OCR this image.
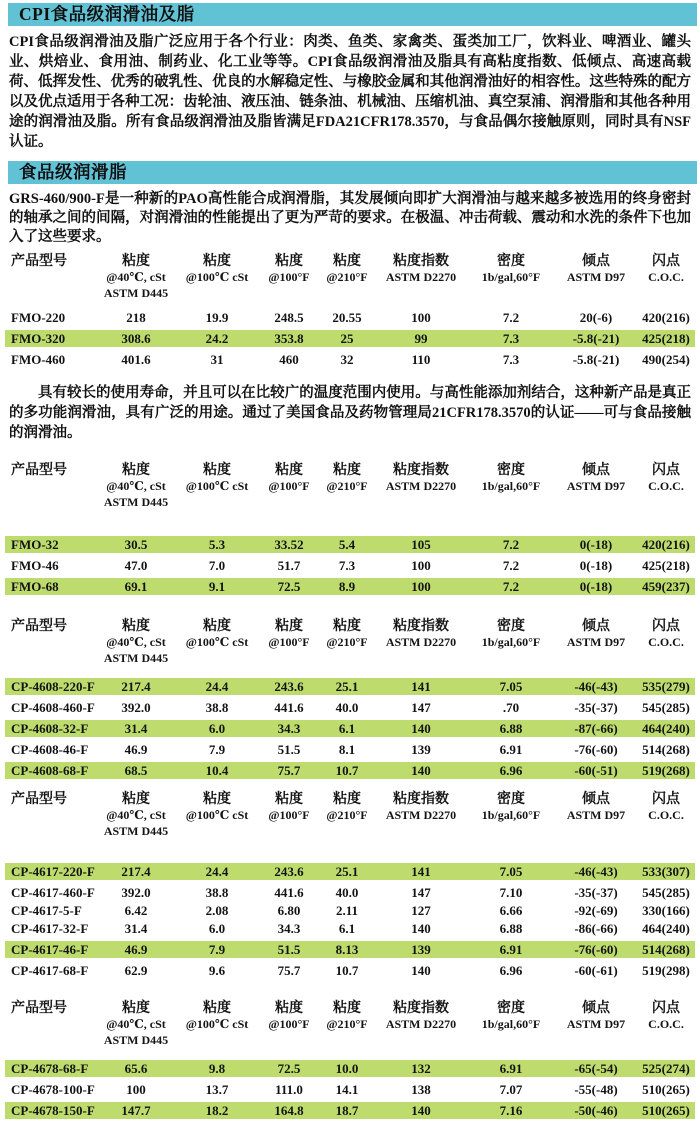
CPI食品级润滑油及脂

CPI食品级润滑油及脂广泛应用于各个行业：肉类、鱼类、家禽类、蛋类加工厂，饮料业、啤酒业、罐头业、烘焙业、食用油、制药业、化工业等等。CPI食品级润滑油及脂具有高粘度指数、低倾点、高速高载荷、低挥发性、优秀的破乳性、优良的水解稳定性、与橡胶金属和其他润滑油好的相容性。这些特殊的配方以及优点适用于各种工况：齿轮油、液压油、链条油、机械油、压缩机油、真空泵浦、润滑脂和其他各种用途的润滑油及脂。所有食品级润滑油及脂皆满足FDA21CFR178.3570，与食品偶尔接触原则，同时具有NSF认证。

食品级润滑脂

GRS-460/900-F是一种新的PAO高性能合成润滑脂，其发展倾向即扩大润滑油与越来越多被选用的终身密封的轴承之间的间隔，对润滑油的性能提出了更为严苛的要求。在极温、冲击荷载、震动和水洗的条件下也加入了这些要求。

产品型号	粘度	粘度	粘度	粘度	粘度指数	密度	倾点	闪点
@40℃, cSt	@100℃ cSt	@100°F	@210°F	ASTM D2270	1b/gal,60°F	ASTM D97	C.O.C.
ASTM D445
FMO-220	218	19.9	248.5	20.55	100	7.2	20(-6)	420(216)
FMO-320	308.6	24.2	353.8	25	99	7.3	-5.8(-21)	425(218)
FMO-460	401.6	31	460	32	110	7.3	-5.8(-21)	490(254)

具有较长的使用寿命，并且可以在比较广的温度范围内使用。与高性能添加剂结合，这种新产品是真正的多功能润滑油，具有广泛的用途。通过了美国食品及药物管理局21CFR178.3570的认证——可与食品接触的润滑油。

产品型号	粘度	粘度	粘度	粘度	粘度指数	密度	倾点	闪点
@40℃, cSt	@100℃ cSt	@100°F	@210°F	ASTM D2270	1b/gal,60°F	ASTM D97	C.O.C.
ASTM D445
FMO-32	30.5	5.3	33.52	5.4	105	7.2	0(-18)	420(216)
FMO-46	47.0	7.0	51.7	7.3	100	7.2	0(-18)	425(218)
FMO-68	69.1	9.1	72.5	8.9	100	7.2	0(-18)	459(237)
产品型号	粘度	粘度	粘度	粘度	粘度指数	密度	倾点	闪点
@40℃, cSt	@100℃ cSt	@100°F	@210°F	ASTM D2270	1b/gal,60°F	ASTM D97	C.O.C.
ASTM D445
CP-4608-220-F	217.4	24.4	243.6	25.1	141	7.05	-46(-43)	535(279)
CP-4608-460-F	392.0	38.8	441.6	40.0	147	.70	-35(-37)	545(285)
CP-4608-32-F	31.4	6.0	34.3	6.1	140	6.88	-87(-66)	464(240)
CP-4608-46-F	46.9	7.9	51.5	8.1	139	6.91	-76(-60)	514(268)
CP-4608-68-F	68.5	10.4	75.7	10.7	140	6.96	-60(-51)	519(268)
产品型号	粘度	粘度	粘度	粘度	粘度指数	密度	倾点	闪点
@40℃, cSt	@100℃ cSt	@100°F	@210°F	ASTM D2270	1b/gal,60°F	ASTM D97	C.O.C.
ASTM D445
CP-4617-220-F	217.4	24.4	243.6	25.1	141	7.05	-46(-43)	533(307)
CP-4617-460-F	392.0	38.8	441.6	40.0	147	7.10	-35(-37)	545(285)
CP-4617-5-F	6.42	2.08	6.80	2.11	127	6.66	-92(-69)	330(166)
CP-4617-32-F	31.4	6.0	34.3	6.1	140	6.88	-86(-66)	464(240)
CP-4617-46-F	46.9	7.9	51.5	8.13	139	6.91	-76(-60)	514(268)
CP-4617-68-F	62.9	9.6	75.7	10.7	140	6.96	-60(-61)	519(298)
产品型号	粘度	粘度	粘度	粘度	粘度指数	密度	倾点	闪点
@40℃, cSt	@100℃ cSt	@100°F	@210°F	ASTM D2270	1b/gal,60°F	ASTM D97	C.O.C.
ASTM D445
CP-4678-68-F	65.6	9.8	72.5	10.0	132	6.91	-65(-54)	525(274)
CP-4678-100-F	100	13.7	111.0	14.1	138	7.07	-55(-48)	510(265)
CP-4678-150-F	147.7	18.2	164.8	18.7	140	7.16	-50(-46)	510(265)
